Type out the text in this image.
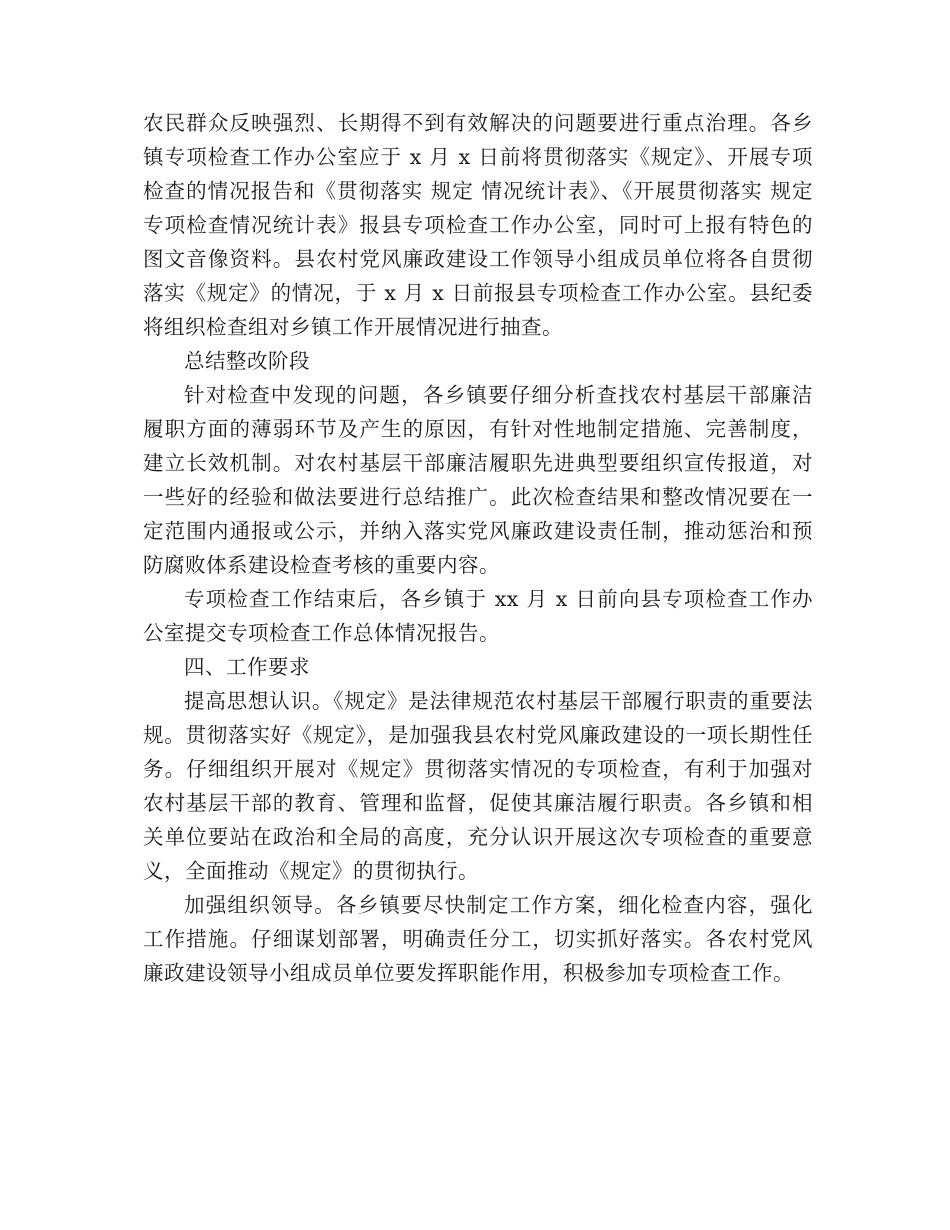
农民群众反映强烈、长期得不到有效解决的问题要进行重点治理。各乡镇专项检查工作办公室应于 x 月 x 日前将贯彻落实《规定》、开展专项检查的情况报告和《贯彻落实 规定 情况统计表》、《开展贯彻落实 规定 专项检查情况统计表》报县专项检查工作办公室，同时可上报有特色的图文音像资料。县农村党风廉政建设工作领导小组成员单位将各自贯彻落实《规定》的情况，于 x 月 x 日前报县专项检查工作办公室。县纪委将组织检查组对乡镇工作开展情况进行抽查。

总结整改阶段

针对检查中发现的问题，各乡镇要仔细分析查找农村基层干部廉洁履职方面的薄弱环节及产生的原因，有针对性地制定措施、完善制度，建立长效机制。对农村基层干部廉洁履职先进典型要组织宣传报道，对一些好的经验和做法要进行总结推广。此次检查结果和整改情况要在一定范围内通报或公示，并纳入落实党风廉政建设责任制，推动惩治和预防腐败体系建设检查考核的重要内容。

专项检查工作结束后，各乡镇于 xx 月 x 日前向县专项检查工作办公室提交专项检查工作总体情况报告。

四、工作要求

提高思想认识。《规定》是法律规范农村基层干部履行职责的重要法规。贯彻落实好《规定》，是加强我县农村党风廉政建设的一项长期性任务。仔细组织开展对《规定》贯彻落实情况的专项检查，有利于加强对农村基层干部的教育、管理和监督，促使其廉洁履行职责。各乡镇和相关单位要站在政治和全局的高度，充分认识开展这次专项检查的重要意义，全面推动《规定》的贯彻执行。

加强组织领导。各乡镇要尽快制定工作方案，细化检查内容，强化工作措施。仔细谋划部署，明确责任分工，切实抓好落实。各农村党风廉政建设领导小组成员单位要发挥职能作用，积极参加专项检查工作。
